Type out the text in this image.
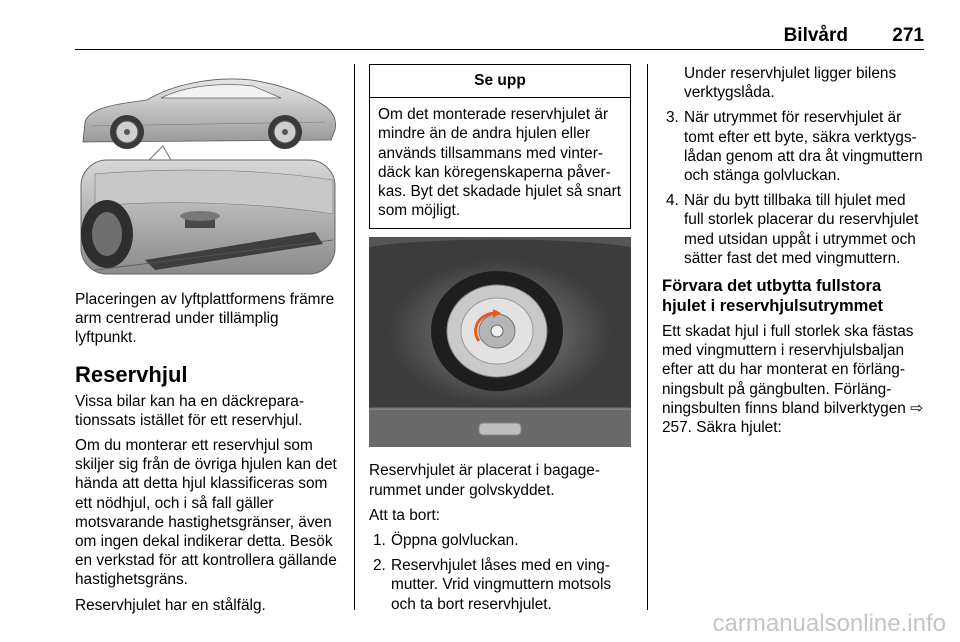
Bilvård 271

Placeringen av lyftplattformens främre arm centrerad under tillämplig lyftpunkt.

Reservhjul

Vissa bilar kan ha en däckreparationssats istället för ett reservhjul.

Om du monterar ett reservhjul som skiljer sig från de övriga hjulen kan det hända att detta hjul klassificeras som ett nödhjul, och i så fall gäller motsvarande hastighetsgränser, även om ingen dekal indikerar detta. Besök en verkstad för att kontrollera gällande hastighetsgräns.

Reservhjulet har en stålfälg.

Se upp
Om det monterade reservhjulet är mindre än de andra hjulen eller används tillsammans med vinterdäck kan köregenskaperna påverkas. Byt det skadade hjulet så snart som möjligt.

Reservhjulet är placerat i bagagerummet under golvskyddet.

Att ta bort:

1. Öppna golvluckan.
2. Reservhjulet låses med en vingmutter. Vrid vingmuttern motsols och ta bort reservhjulet.

Under reservhjulet ligger bilens verktygslåda.

3. När utrymmet för reservhjulet är tomt efter ett byte, säkra verktygslådan genom att dra åt vingmuttern och stänga golvluckan.
4. När du bytt tillbaka till hjulet med full storlek placerar du reservhjulet med utsidan uppåt i utrymmet och sätter fast det med vingmuttern.
Förvara det utbytta fullstora hjulet i reservhjulsutrymmet

Ett skadat hjul i full storlek ska fästas med vingmuttern i reservhjulsbaljan efter att du har monterat en förlängningsbult på gängbulten. Förlängningsbulten finns bland bilverktygen ⇨ 257. Säkra hjulet:

carmanualsonline.info
